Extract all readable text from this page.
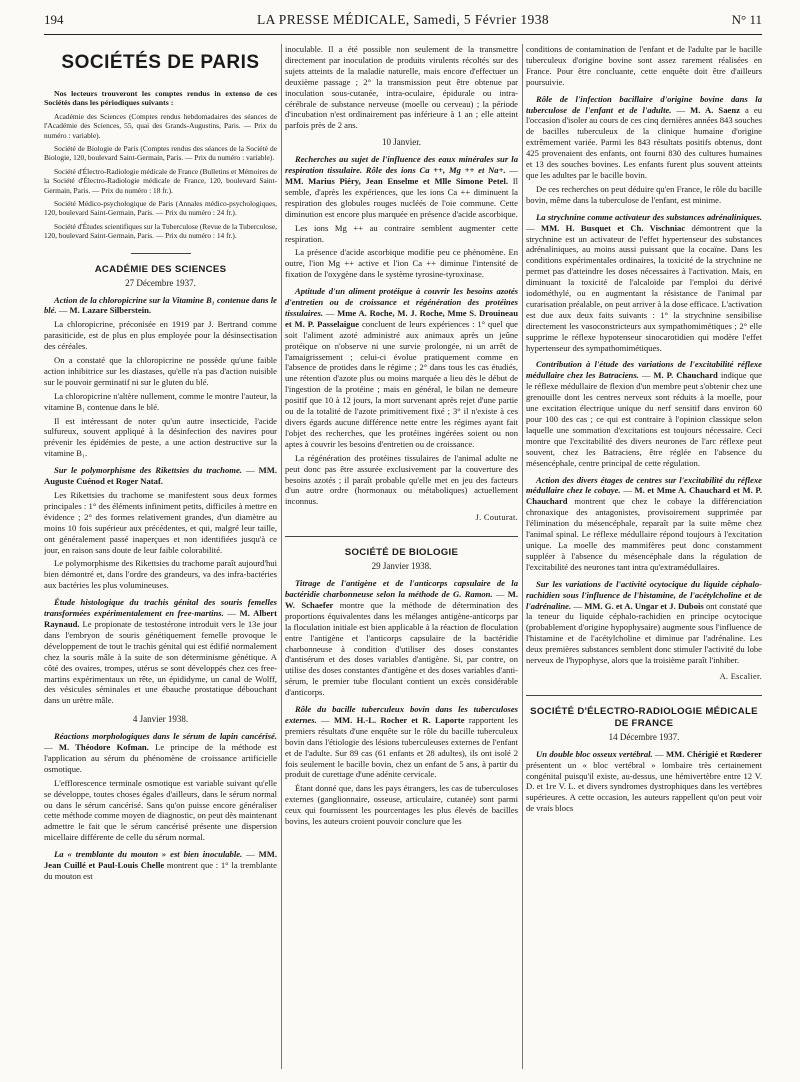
194	LA PRESSE MÉDICALE, Samedi, 5 Février 1938	N° 11
SOCIÉTÉS DE PARIS

Nos lecteurs trouveront les comptes rendus in extenso de ces Sociétés dans les périodiques suivants :

Académie des Sciences (Comptes rendus hebdomadaires des séances de l'Académie des Sciences, 55, quai des Grands-Augustins, Paris. — Prix du numéro : variable).

Société de Biologie de Paris (Comptes rendus des séances de la Société de Biologie, 120, boulevard Saint-Germain, Paris. — Prix du numéro : variable).

Société d'Électro-Radiologie médicale de France (Bulletins et Mémoires de la Société d'Électro-Radiologie médicale de France, 120, boulevard Saint-Germain, Paris. — Prix du numéro : 18 fr.).

Société Médico-psychologique de Paris (Annales médico-psychologiques, 120, boulevard Saint-Germain, Paris. — Prix du numéro : 24 fr.).

Société d'Études scientifiques sur la Tuberculose (Revue de la Tuberculose, 120, boulevard Saint-Germain, Paris. — Prix du numéro : 14 fr.).

ACADÉMIE DES SCIENCES
27 Décembre 1937.
Action de la chloropicrine sur la Vitamine B₁ contenue dans le blé. — M. Lazare Silberstein.

La chloropicrine, préconisée en 1919 par J. Bertrand comme parasiticide, est de plus en plus employée pour la désinsectisation des céréales.

On a constaté que la chloropicrine ne possède qu'une faible action inhibitrice sur les diastases, qu'elle n'a pas d'action nuisible sur le pouvoir germinatif ni sur le gluten du blé.

La chloropicrine n'altère nullement, comme le montre l'auteur, la vitamine B₁ contenue dans le blé.

Il est intéressant de noter qu'un autre insecticide, l'acide sulfureux, souvent appliqué à la désinfection des navires pour prévenir les épidémies de peste, a une action destructive sur la vitamine B₁.

Sur le polymorphisme des Rikettsies du trachome. — MM. Auguste Cuénod et Roger Nataf.

Les Rikettsies du trachome se manifestent sous deux formes principales : 1° des éléments infiniment petits, difficiles à mettre en évidence ; 2° des formes relativement grandes, d'un diamètre au moins 10 fois supérieur aux précédentes, et qui, malgré leur taille, ont généralement passé inaperçues et non identifiées jusqu'à ce jour, en raison sans doute de leur faible colorabilité.

Le polymorphisme des Rikettsies du trachome paraît aujourd'hui bien démontré et, dans l'ordre des grandeurs, va des infra-bactéries aux bactéries les plus volumineuses.

Étude histologique du trachis génital des souris femelles transformées expérimentalement en free-martins. — M. Albert Raynaud. Le propionate de testostérone introduit vers le 13e jour dans l'embryon de souris génétiquement femelle provoque le développement de tout le trachis génital qui est édifié normalement chez la souris mâle à la suite de son déterminisme génétique. A côté des ovaires, trompes, utérus se sont développés chez ces free-martins expérimentaux un rête, un épididyme, un canal de Wolff, des vésicules séminales et une ébauche prostatique débouchant dans un urètre mâle.
4 Janvier 1938.
Réactions morphologiques dans le sérum de lapin cancérisé. — M. Théodore Kofman. Le principe de la méthode est l'application au sérum du phénomène de croissance artificielle osmotique.

L'efflorescence terminale osmotique est variable suivant qu'elle se développe, toutes choses égales d'ailleurs, dans le sérum normal ou dans le sérum cancérisé. Sans qu'on puisse encore généraliser cette méthode comme moyen de diagnostic, on peut dès maintenant admettre le fait que le sérum cancérisé présente une dispersion micellaire différente de celle du sérum normal.

La « tremblante du mouton » est bien inoculable. — MM. Jean Cuillé et Paul-Louis Chelle montrent que : 1° la tremblante du mouton est

inoculable. Il a été possible non seulement de la transmettre directement par inoculation de produits virulents récoltés sur des sujets atteints de la maladie naturelle, mais encore d'effectuer un deuxième passage ; 2° la transmission peut être obtenue par inoculation sous-cutanée, intra-oculaire, épidurale ou intra-cérébrale de substance nerveuse (moelle ou cerveau) ; la période d'incubation n'est ordinairement pas inférieure à 1 an ; elle atteint parfois près de 2 ans.

10 Janvier.
Recherches au sujet de l'influence des eaux minérales sur la respiration tissulaire. Rôle des ions Ca ++, Mg ++ et Na+. — MM. Marius Piéry, Jean Enselme et Mlle Simone Petel. Il semble, d'après les expériences, que les ions Ca ++ diminuent la respiration des globules rouges nucléés de l'oie commune. Cette diminution est encore plus marquée en présence d'acide ascorbique.

Les ions Mg ++ au contraire semblent augmenter cette respiration.

La présence d'acide ascorbique modifie peu ce phénomène. En outre, l'ion Mg ++ active et l'ion Ca ++ diminue l'intensité de fixation de l'oxygène dans le système tyrosine-tyroxinase.

Aptitude d'un aliment protéique à couvrir les besoins azotés d'entretien ou de croissance et régénération des protéines tissulaires. — Mme A. Roche, M. J. Roche, Mme S. Drouineau et M. P. Passelaigue concluent de leurs expériences : 1° quel que soit l'aliment azoté administré aux animaux après un jeûne protéique on n'observe ni une survie prolongée, ni un arrêt de l'amaigrissement ; celui-ci évolue pratiquement comme en l'absence de protides dans le régime ; 2° dans tous les cas étudiés, une rétention d'azote plus ou moins marquée a lieu dès le début de l'ingestion de la protéine ; mais en général, le bilan ne demeure positif que 10 à 12 jours, la mort survenant après rejet d'une partie ou de la totalité de l'azote primitivement fixé ; 3° il n'existe à ces divers égards aucune différence nette entre les régimes ayant fait l'objet des recherches, que les protéines ingérées soient ou non aptes à couvrir les besoins d'entretien ou de croissance.

La régénération des protéines tissulaires de l'animal adulte ne peut donc pas être assurée exclusivement par la couverture des besoins azotés ; il paraît probable qu'elle met en jeu des facteurs d'un autre ordre (hormonaux ou métaboliques) actuellement inconnus.

J. Couturat.
SOCIÉTÉ DE BIOLOGIE
29 Janvier 1938.
Titrage de l'antigène et de l'anticorps capsulaire de la bactéridie charbonneuse selon la méthode de G. Ramon. — M. W. Schaefer montre que la méthode de détermination des proportions équivalentes dans les mélanges antigène-anticorps par la floculation initiale est bien applicable à la réaction de floculation entre l'antigène et l'anticorps capsulaire de la bactéridie charbonneuse à condition d'utiliser des doses constantes d'antisérum et des doses variables d'antigène. Si, par contre, on utilise des doses constantes d'antigène et des doses variables d'anti-sérum, le premier tube floculant contient un excès considérable d'anticorps.
Rôle du bacille tuberculeux bovin dans les tuberculoses externes. — MM. H.-L. Rocher et R. Laporte rapportent les premiers résultats d'une enquête sur le rôle du bacille tuberculeux bovin dans l'étiologie des lésions tuberculeuses externes de l'enfant et de l'adulte. Sur 89 cas (61 enfants et 28 adultes), ils ont isolé 2 fois seulement le bacille bovin, chez un enfant de 5 ans, à partir du produit de curettage d'une adénite cervicale.

Étant donné que, dans les pays étrangers, les cas de tuberculoses externes (ganglionnaire, osseuse, articulaire, cutanée) sont parmi ceux qui fournissent les pourcentages les plus élevés de bacilles bovins, les auteurs croient pouvoir conclure que les

conditions de contamination de l'enfant et de l'adulte par le bacille tuberculeux d'origine bovine sont assez rarement réalisées en France. Pour être concluante, cette enquête doit être d'ailleurs poursuivie.

Rôle de l'infection bacillaire d'origine bovine dans la tuberculose de l'enfant et de l'adulte. — M. A. Saenz a eu l'occasion d'isoler au cours de ces cinq dernières années 843 souches de bacilles tuberculeux de la clinique humaine d'origine extrêmement variée. Parmi les 843 résultats positifs obtenus, dont 425 provenaient des enfants, ont fourni 830 des cultures humaines et 13 des souches bovines. Les enfants furent plus souvent atteints que les adultes par le bacille bovin.

De ces recherches on peut déduire qu'en France, le rôle du bacille bovin, même dans la tuberculose de l'enfant, est minime.

La strychnine comme activateur des substances adrénaliniques. — MM. H. Busquet et Ch. Vischniac démontrent que la strychnine est un activateur de l'effet hypertenseur des substances adrénaliniques, au moins aussi puissant que la cocaïne. Dans les conditions expérimentales ordinaires, la toxicité de la strychnine ne permet pas d'atteindre les doses nécessaires à l'activation. Mais, en diminuant la toxicité de l'alcaloïde par l'emploi du dérivé iodométhylé, ou en augmentant la résistance de l'animal par curarisation préalable, on peut arriver à la dose efficace. L'activation est due aux deux faits suivants : 1° la strychnine sensibilise directement les vasoconstricteurs aux sympathomimétiques ; 2° elle supprime le réflexe hypotenseur sinocarotidien qui modère l'effet hypertenseur des sympathomimétiques.
Contribution à l'étude des variations de l'excitabilité réflexe médullaire chez les Batraciens. — M. P. Chauchard indique que le réflexe médullaire de flexion d'un membre peut s'obtenir chez une grenouille dont les centres nerveux sont réduits à la moelle, pour une excitation électrique unique du nerf sensitif dans environ 60 pour 100 des cas ; ce qui est contraire à l'opinion classique selon laquelle une sommation d'excitations est toujours nécessaire. Ceci montre que l'excitabilité des divers neurones de l'arc réflexe peut souvent, chez les Batraciens, être réglée en l'absence du mésencéphale, centre principal de cette régulation.
Action des divers étages de centres sur l'excitabilité du réflexe médullaire chez le cobaye. — M. et Mme A. Chauchard et M. P. Chauchard montrent que chez le cobaye la différenciation chronaxique des antagonistes, provisoirement supprimée par l'élimination du mésencéphale, reparaît par la suite même chez l'animal spinal. Le réflexe médullaire répond toujours à l'excitation unique. La moelle des mammifères peut donc constamment suppléer à l'absence du mésencéphale dans la régulation de l'excitabilité des neurones tant intra qu'extramédullaires.
Sur les variations de l'activité ocytocique du liquide céphalo-rachidien sous l'influence de l'histamine, de l'acétylcholine et de l'adrénaline. — MM. G. et A. Ungar et J. Dubois ont constaté que la teneur du liquide céphalo-rachidien en principe ocytocique (probablement d'origine hypophysaire) augmente sous l'influence de l'histamine et de l'acétylcholine et diminue par l'adrénaline. Les deux premières substances semblent donc stimuler l'activité du lobe nerveux de l'hypophyse, alors que la troisième paraît l'inhiber.
A. Escalier.
SOCIÉTÉ D'ÉLECTRO-RADIOLOGIE MÉDICALE DE FRANCE
14 Décembre 1937.
Un double bloc osseux vertébral. — MM. Chérigié et Rœderer présentent un « bloc vertébral » lombaire très certainement congénital puisqu'il existe, au-dessus, une hémivertèbre entre 12 V. D. et 1re V. L. et divers syndromes dystrophiques dans les vertèbres supérieures. A cette occasion, les auteurs rappellent qu'on peut voir de vrais blocs
